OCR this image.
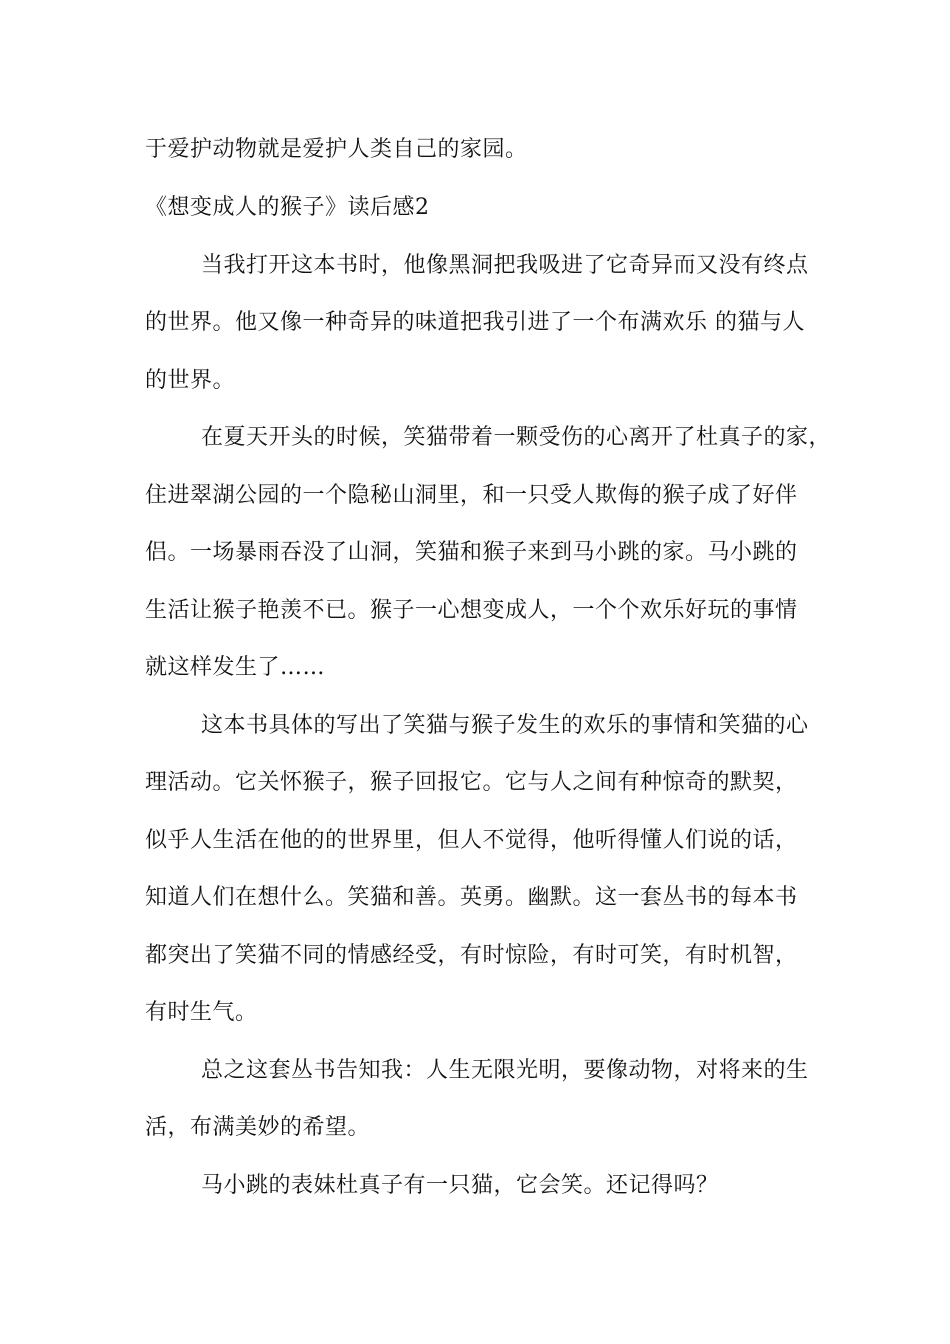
于爱护动物就是爱护人类自己的家园。
《想变成人的猴子》读后感2
当我打开这本书时，他像黑洞把我吸进了它奇异而又没有终点
的世界。他又像一种奇异的味道把我引进了一个布满欢乐 的猫与人
的世界。
在夏天开头的时候，笑猫带着一颗受伤的心离开了杜真子的家，
住进翠湖公园的一个隐秘山洞里，和一只受人欺侮的猴子成了好伴
侣。一场暴雨吞没了山洞，笑猫和猴子来到马小跳的家。马小跳的
生活让猴子艳羡不已。猴子一心想变成人，一个个欢乐好玩的事情
就这样发生了……
这本书具体的写出了笑猫与猴子发生的欢乐的事情和笑猫的心
理活动。它关怀猴子，猴子回报它。它与人之间有种惊奇的默契，
似乎人生活在他的的世界里，但人不觉得，他听得懂人们说的话，
知道人们在想什么。笑猫和善。英勇。幽默。这一套丛书的每本书
都突出了笑猫不同的情感经受，有时惊险，有时可笑，有时机智，
有时生气。
总之这套丛书告知我：人生无限光明，要像动物，对将来的生
活，布满美妙的希望。
马小跳的表妹杜真子有一只猫，它会笑。还记得吗？
